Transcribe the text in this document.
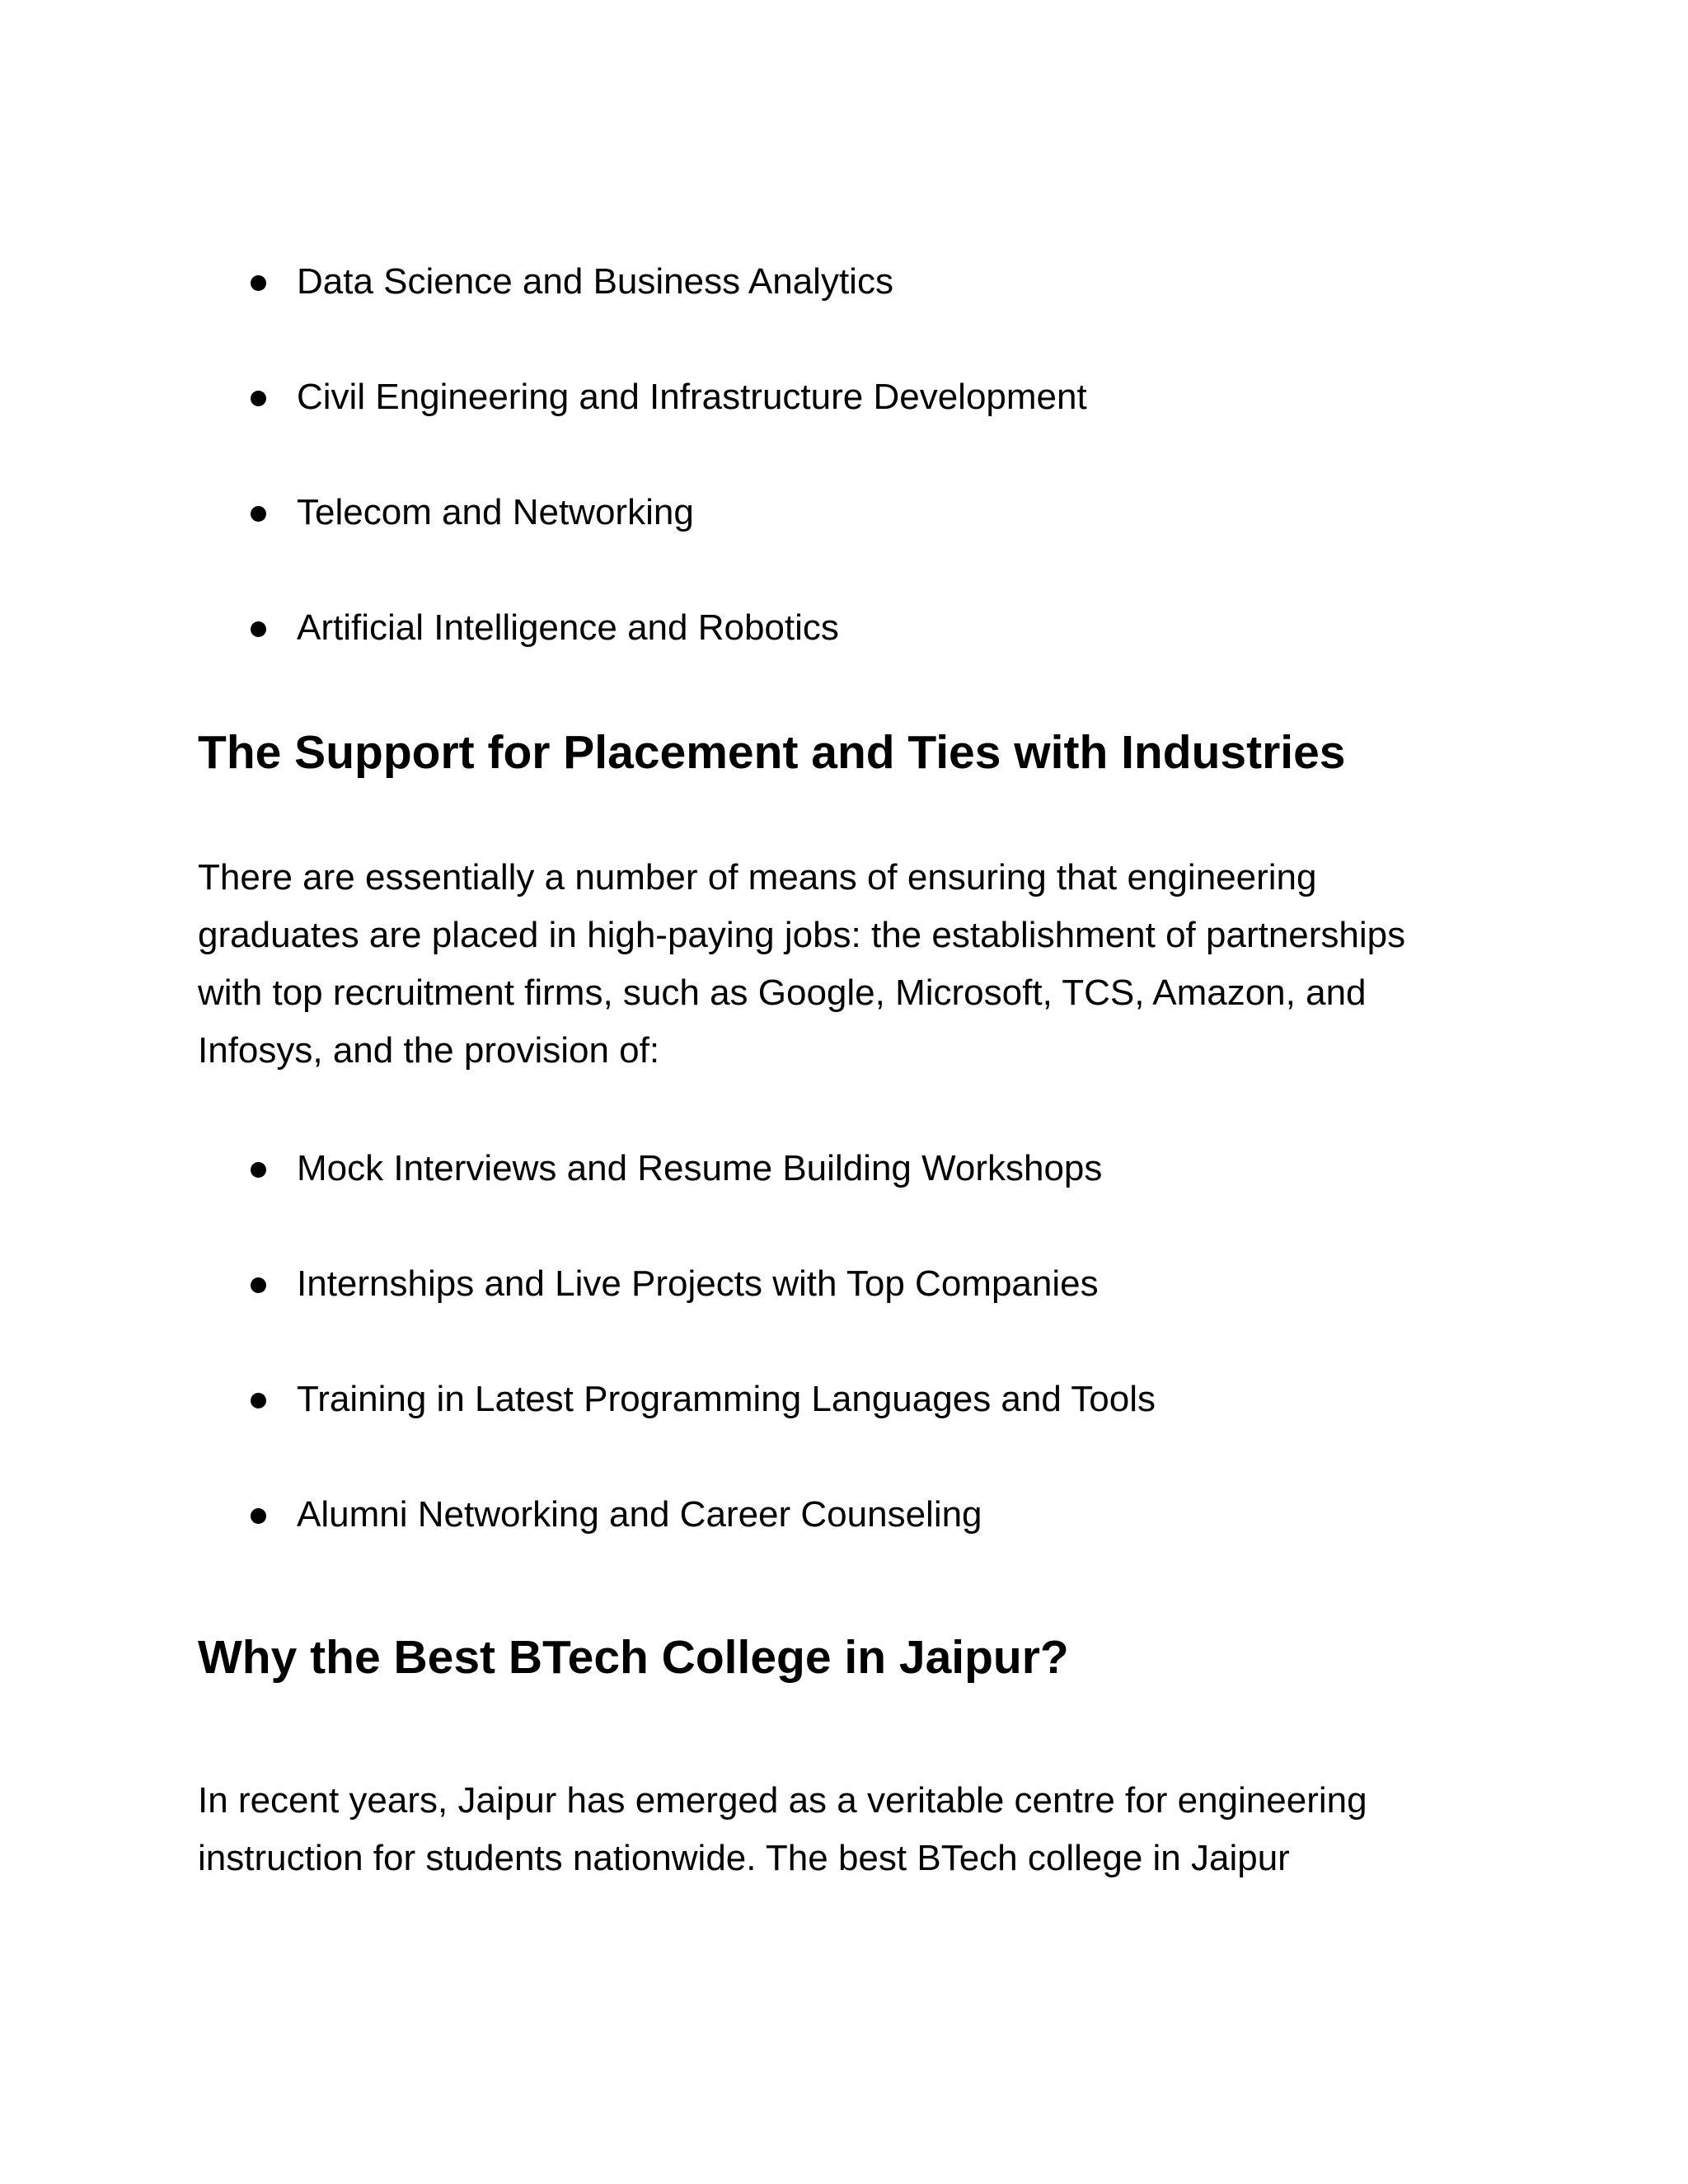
Data Science and Business Analytics
Civil Engineering and Infrastructure Development
Telecom and Networking
Artificial Intelligence and Robotics
The Support for Placement and Ties with Industries
There are essentially a number of means of ensuring that engineering
graduates are placed in high-paying jobs: the establishment of partnerships
with top recruitment firms, such as Google, Microsoft, TCS, Amazon, and
Infosys, and the provision of:
Mock Interviews and Resume Building Workshops
Internships and Live Projects with Top Companies
Training in Latest Programming Languages and Tools
Alumni Networking and Career Counseling
Why the Best BTech College in Jaipur?
In recent years, Jaipur has emerged as a veritable centre for engineering
instruction for students nationwide. The best BTech college in Jaipur
